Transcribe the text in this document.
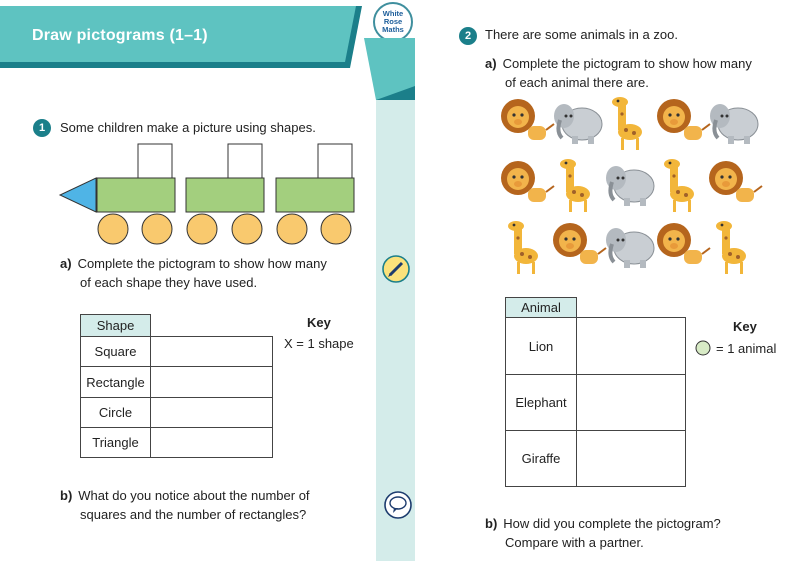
Draw pictograms (1–1)
White
Rose
Maths
1	Some children make a picture using shapes.
a) Complete the pictogram to show how many
of each shape they have used.
Shape	
Square	
Rectangle	
Circle	
Triangle	
Key
X = 1 shape
b) What do you notice about the number of
squares and the number of rectangles?
2	There are some animals in a zoo.
a) Complete the pictogram to show how many
of each animal there are.
Animal	
Lion	
Elephant	
Giraffe	
Key
= 1 animal
b) How did you complete the pictogram?
Compare with a partner.
